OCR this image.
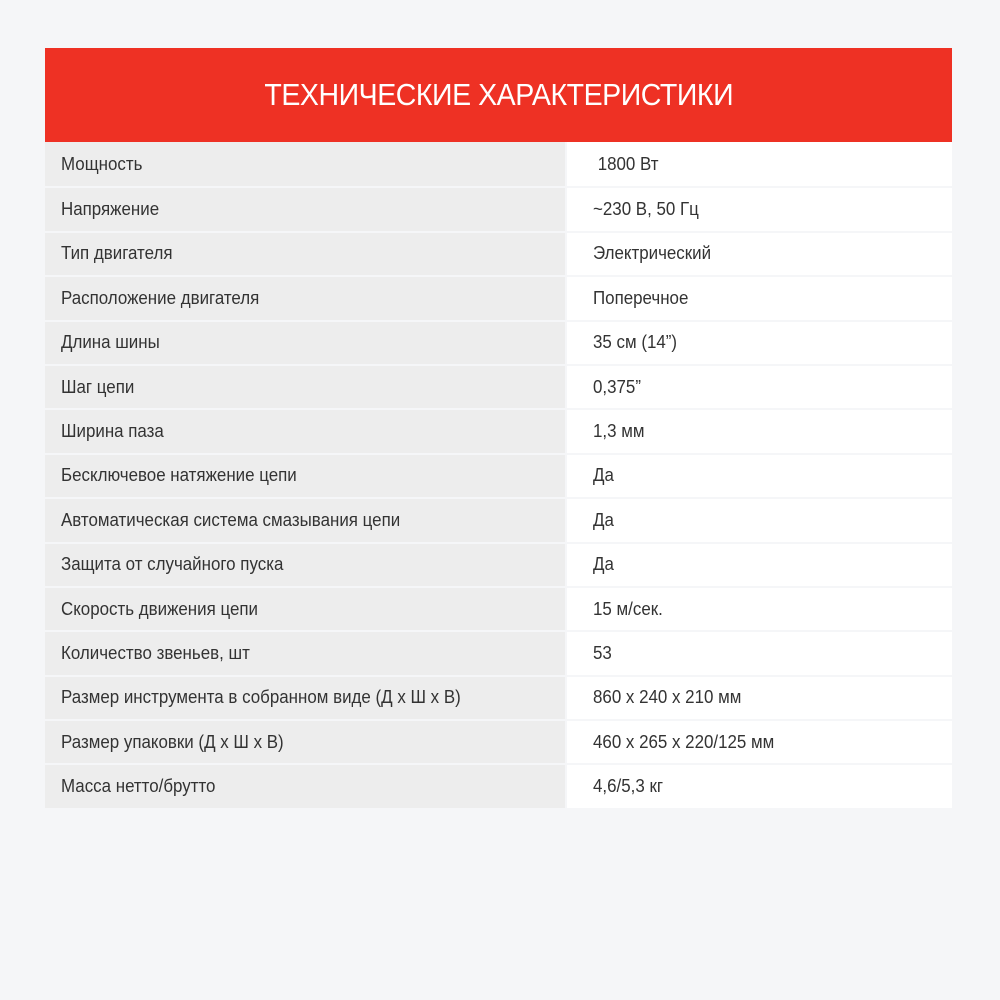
ТЕХНИЧЕСКИЕ ХАРАКТЕРИСТИКИ
Мощность	1800 Вт
Напряжение	~230 В, 50 Гц
Тип двигателя	Электрический
Расположение двигателя	Поперечное
Длина шины	35 см (14”)
Шаг цепи	0,375”
Ширина паза	1,3 мм
Бесключевое натяжение цепи	Да
Автоматическая система смазывания цепи	Да
Защита от случайного пуска	Да
Скорость движения цепи	15 м/сек.
Количество звеньев, шт	53
Размер инструмента в собранном виде (Д х Ш х В)	860 х 240 х 210 мм
Размер упаковки (Д х Ш х В)	460 х 265 х 220/125 мм
Масса нетто/брутто	4,6/5,3 кг
